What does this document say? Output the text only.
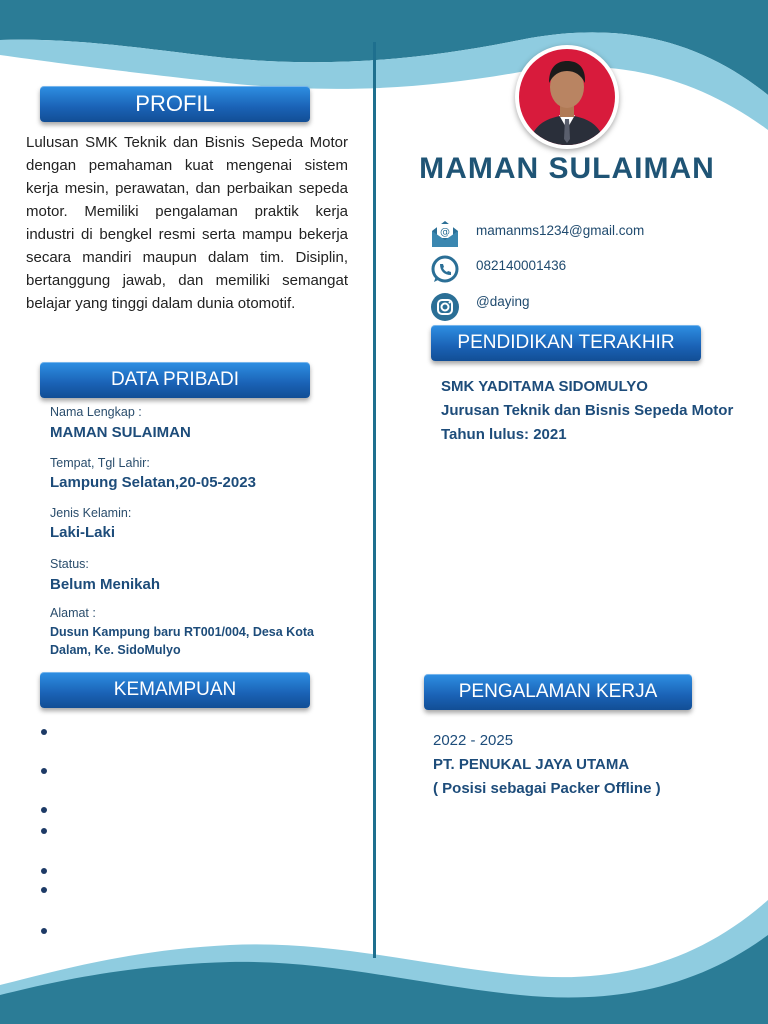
PROFIL
Lulusan SMK Teknik dan Bisnis Sepeda Motor dengan pemahaman kuat mengenai sistem kerja mesin, perawatan, dan perbaikan sepeda motor. Memiliki pengalaman praktik kerja industri di bengkel resmi serta mampu bekerja secara mandiri maupun dalam tim. Disiplin, bertanggung jawab, dan memiliki semangat belajar yang tinggi dalam dunia otomotif.
DATA PRIBADI
Nama Lengkap :
MAMAN SULAIMAN
Tempat, Tgl Lahir:
Lampung Selatan,20-05-2023
Jenis Kelamin:
Laki-Laki
Status:
Belum Menikah
Alamat :
Dusun Kampung baru RT001/004, Desa Kota Dalam, Ke. SidoMulyo
KEMAMPUAN
MAMAN SULAIMAN
@ mamanms1234@gmail.com
082140001436
@daying
PENDIDIKAN TERAKHIR
SMK YADITAMA SIDOMULYO
Jurusan Teknik dan Bisnis Sepeda Motor
Tahun lulus: 2021
PENGALAMAN KERJA
2022 - 2025
PT. PENUKAL JAYA UTAMA
( Posisi sebagai Packer Offline )
